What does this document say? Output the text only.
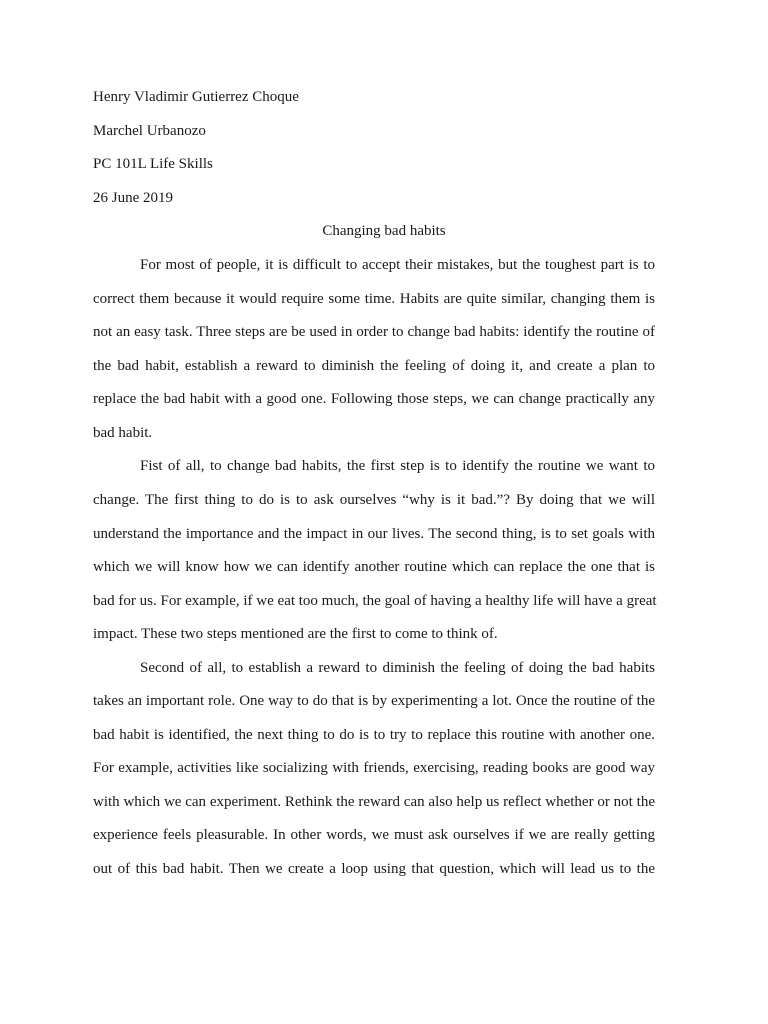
Henry Vladimir Gutierrez Choque
Marchel Urbanozo
PC 101L Life Skills
26 June 2019
Changing bad habits
For most of people, it is difficult to accept their mistakes, but the toughest part is to
correct them because it would require some time. Habits are quite similar, changing them is
not an easy task. Three steps are be used in order to change bad habits: identify the routine of
the bad habit, establish a reward to diminish the feeling of doing it, and create a plan to
replace the bad habit with a good one. Following those steps, we can change practically any
bad habit.
Fist of all, to change bad habits, the first step is to identify the routine we want to
change. The first thing to do is to ask ourselves “why is it bad.”? By doing that we will
understand the importance and the impact in our lives. The second thing, is to set goals with
which we will know how we can identify another routine which can replace the one that is
bad for us. For example, if we eat too much, the goal of having a healthy life will have a great
impact. These two steps mentioned are the first to come to think of.
Second of all, to establish a reward to diminish the feeling of doing the bad habits
takes an important role. One way to do that is by experimenting a lot. Once the routine of the
bad habit is identified, the next thing to do is to try to replace this routine with another one.
For example, activities like socializing with friends, exercising, reading books are good way
with which we can experiment. Rethink the reward can also help us reflect whether or not the
experience feels pleasurable. In other words, we must ask ourselves if we are really getting
out of this bad habit. Then we create a loop using that question, which will lead us to the
